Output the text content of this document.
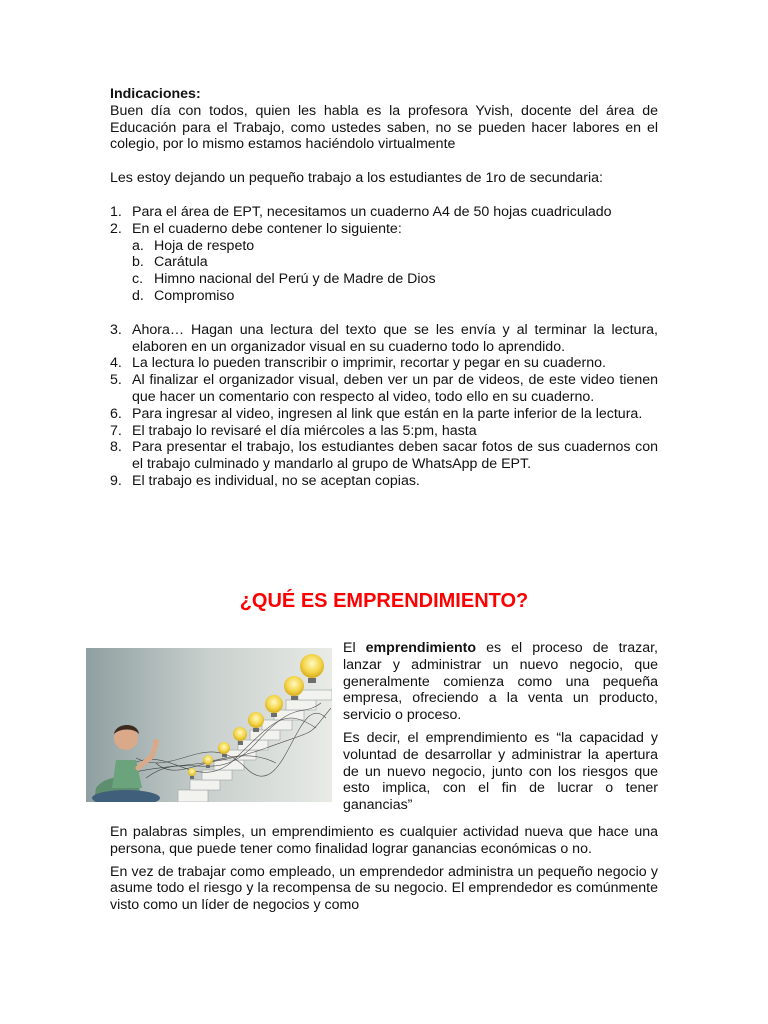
Indicaciones:

Buen día con todos, quien les habla es la profesora Yvish, docente del área de Educación para el Trabajo, como ustedes saben, no se pueden hacer labores en el colegio, por lo mismo estamos haciéndolo virtualmente

Les estoy dejando un pequeño trabajo a los estudiantes de 1ro de secundaria:

1. Para el área de EPT, necesitamos un cuaderno A4 de 50 hojas cuadriculado
2. En el cuaderno debe contener lo siguiente:
a. Hoja de respeto
b. Carátula
c. Himno nacional del Perú y de Madre de Dios
d. Compromiso
3. Ahora… Hagan una lectura del texto que se les envía y al terminar la lectura, elaboren en un organizador visual en su cuaderno todo lo aprendido.
4. La lectura lo pueden transcribir o imprimir, recortar y pegar en su cuaderno.
5. Al finalizar el organizador visual, deben ver un par de videos, de este video tienen que hacer un comentario con respecto al video, todo ello en su cuaderno.
6. Para ingresar al video, ingresen al link que están en la parte inferior de la lectura.
7. El trabajo lo revisaré el día miércoles a las 5:pm, hasta
8. Para presentar el trabajo, los estudiantes deben sacar fotos de sus cuadernos con el trabajo culminado y mandarlo al grupo de WhatsApp de EPT.
9. El trabajo es individual, no se aceptan copias.
¿QUÉ ES EMPRENDIMIENTO?

El emprendimiento es el proceso de trazar, lanzar y administrar un nuevo negocio, que generalmente comienza como una pequeña empresa, ofreciendo a la venta un producto, servicio o proceso.

Es decir, el emprendimiento es “la capacidad y voluntad de desarrollar y administrar la apertura de un nuevo negocio, junto con los riesgos que esto implica, con el fin de lucrar o tener ganancias”

En palabras simples, un emprendimiento es cualquier actividad nueva que hace una persona, que puede tener como finalidad lograr ganancias económicas o no.

En vez de trabajar como empleado, un emprendedor administra un pequeño negocio y asume todo el riesgo y la recompensa de su negocio. El emprendedor es comúnmente visto como un líder de negocios y como
